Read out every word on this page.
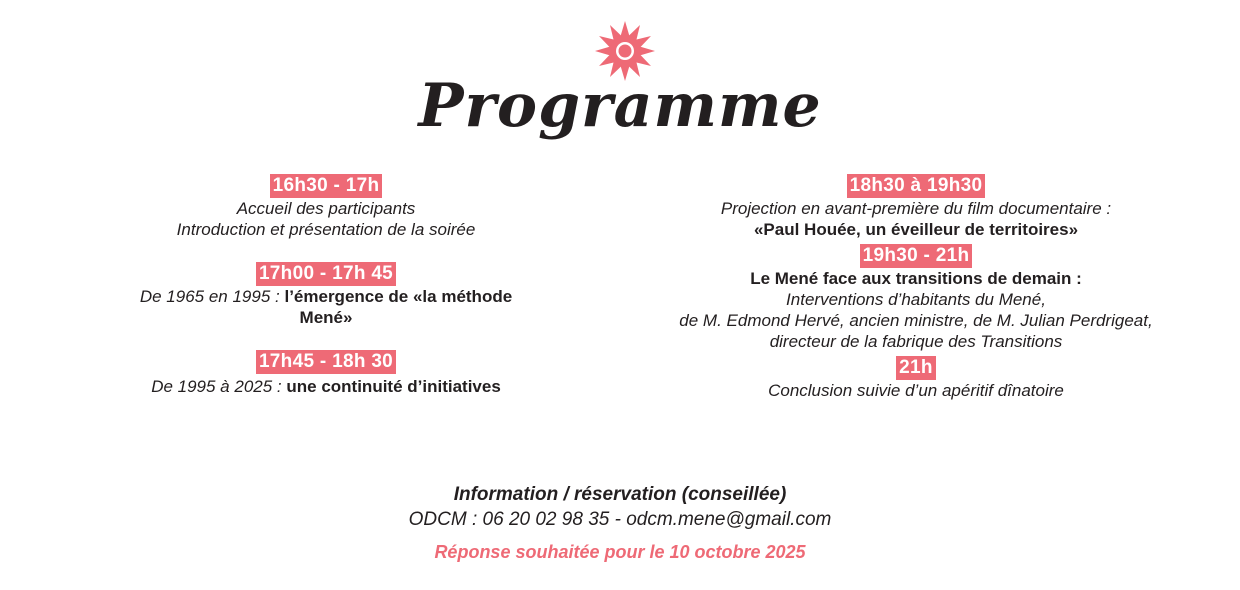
Programme
16h30 - 17h

Accueil des participants

Introduction et présentation de la soirée

17h00 - 17h 45

De 1965 en 1995 : l’émergence de «la méthode Mené»

17h45 - 18h 30

De 1995 à 2025 : une continuité d’initiatives

18h30 à 19h30

Projection en avant-première du film documentaire :

«Paul Houée, un éveilleur de territoires»

19h30 - 21h

Le Mené face aux transitions de demain :

Interventions d’habitants du Mené,

de M. Edmond Hervé, ancien ministre, de M. Julian Perdrigeat,

directeur de la fabrique des Transitions

21h

Conclusion suivie d’un apéritif dînatoire

Information / réservation (conseillée)
ODCM : 06 20 02 98 35 - odcm.mene@gmail.com
Réponse souhaitée pour le 10 octobre 2025
